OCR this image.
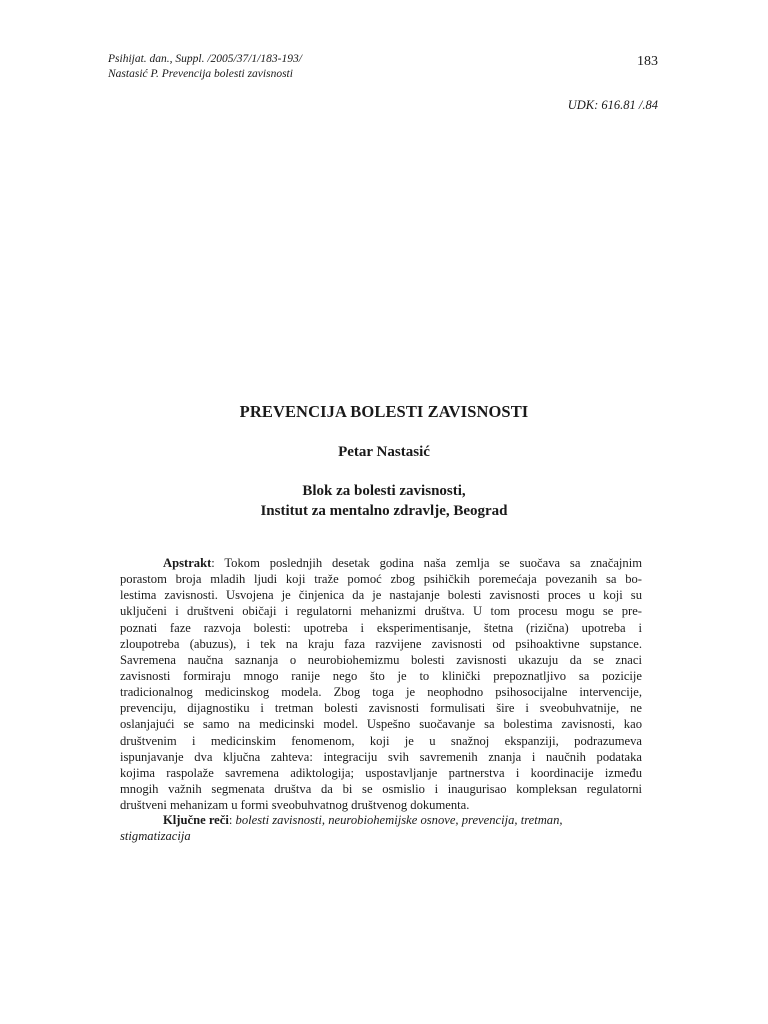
Psihijat. dan., Suppl. /2005/37/1/183-193/
Nastasić P. Prevencija bolesti zavisnosti
183
UDK: 616.81 /.84
PREVENCIJA BOLESTI ZAVISNOSTI
Petar Nastasić
Blok za bolesti zavisnosti,
Institut za mentalno zdravlje, Beograd
Apstrakt: Tokom poslednjih desetak godina naša zemlja se suočava sa značajnim
porastom broja mladih ljudi koji traže pomoć zbog psihičkih poremećaja povezanih sa bo-
lestima zavisnosti. Usvojena je činjenica da je nastajanje bolesti zavisnosti proces u koji su
uključeni i društveni običaji i regulatorni mehanizmi društva. U tom procesu mogu se pre-
poznati faze razvoja bolesti: upotreba i eksperimentisanje, štetna (rizična) upotreba i
zloupotreba (abuzus), i tek na kraju faza razvijene zavisnosti od psihoaktivne supstance.
Savremena naučna saznanja o neurobiohemizmu bolesti zavisnosti ukazuju da se znaci
zavisnosti formiraju mnogo ranije nego što je to klinički prepoznatljivo sa pozicije
tradicionalnog medicinskog modela. Zbog toga je neophodno psihosocijalne intervencije,
prevenciju, dijagnostiku i tretman bolesti zavisnosti formulisati šire i sveobuhvatnije, ne
oslanjajući se samo na medicinski model. Uspešno suočavanje sa bolestima zavisnosti, kao
društvenim i medicinskim fenomenom, koji je u snažnoj ekspanziji, podrazumeva
ispunjavanje dva ključna zahteva: integraciju svih savremenih znanja i naučnih podataka
kojima raspolaže savremena adiktologija; uspostavljanje partnerstva i koordinacije između
mnogih važnih segmenata društva da bi se osmislio i inaugurisao kompleksan regulatorni
društveni mehanizam u formi sveobuhvatnog društvenog dokumenta.
Ključne reči: bolesti zavisnosti, neurobiohemijske osnove, prevencija, tretman,
stigmatizacija
